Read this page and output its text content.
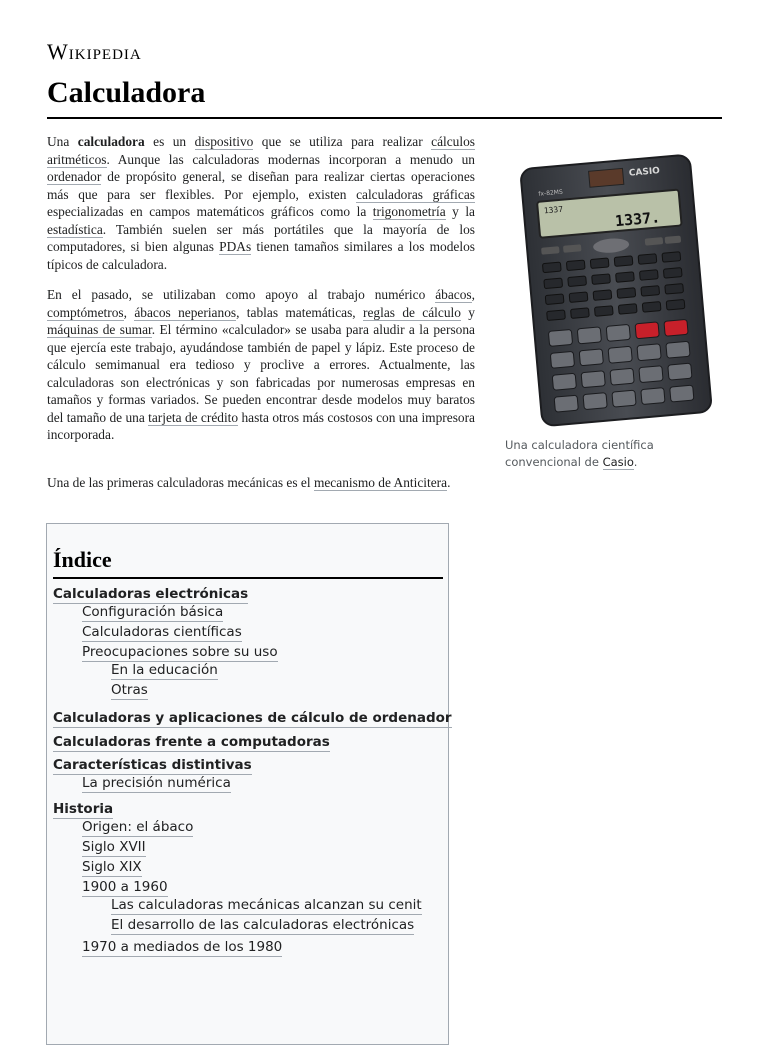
Wikipedia
Calculadora

Una calculadora es un dispositivo que se utiliza para realizar cálculos aritméticos. Aunque las calculadoras modernas incorporan a menudo un ordenador de propósito general, se diseñan para realizar ciertas operaciones más que para ser flexibles. Por ejemplo, existen calculadoras gráficas especializadas en campos matemáticos gráficos como la trigonometría y la estadística. También suelen ser más portátiles que la mayoría de los computadores, si bien algunas PDAs tienen tamaños similares a los modelos típicos de calculadora.

En el pasado, se utilizaban como apoyo al trabajo numérico ábacos, comptómetros, ábacos neperianos, tablas matemáticas, reglas de cálculo y máquinas de sumar. El término «calculador» se usaba para aludir a la persona que ejercía este trabajo, ayudándose también de papel y lápiz. Este proceso de cálculo semimanual era tedioso y proclive a errores. Actualmente, las calculadoras son electrónicas y son fabricadas por numerosas empresas en tamaños y formas variados. Se pueden encontrar desde modelos muy baratos del tamaño de una tarjeta de crédito hasta otros más costosos con una impresora incorporada.

Una de las primeras calculadoras mecánicas es el mecanismo de Anticitera.

CASIO
fx-82MS
1337	1337.
Una calculadora científica convencional de Casio.
Índice
Calculadoras electrónicas
Configuración básica
Calculadoras científicas
Preocupaciones sobre su uso
En la educación
Otras
Calculadoras y aplicaciones de cálculo de ordenador
Calculadoras frente a computadoras
Características distintivas
La precisión numérica
Historia
Origen: el ábaco
Siglo XVII
Siglo XIX
1900 a 1960
Las calculadoras mecánicas alcanzan su cenit
El desarrollo de las calculadoras electrónicas
1970 a mediados de los 1980
